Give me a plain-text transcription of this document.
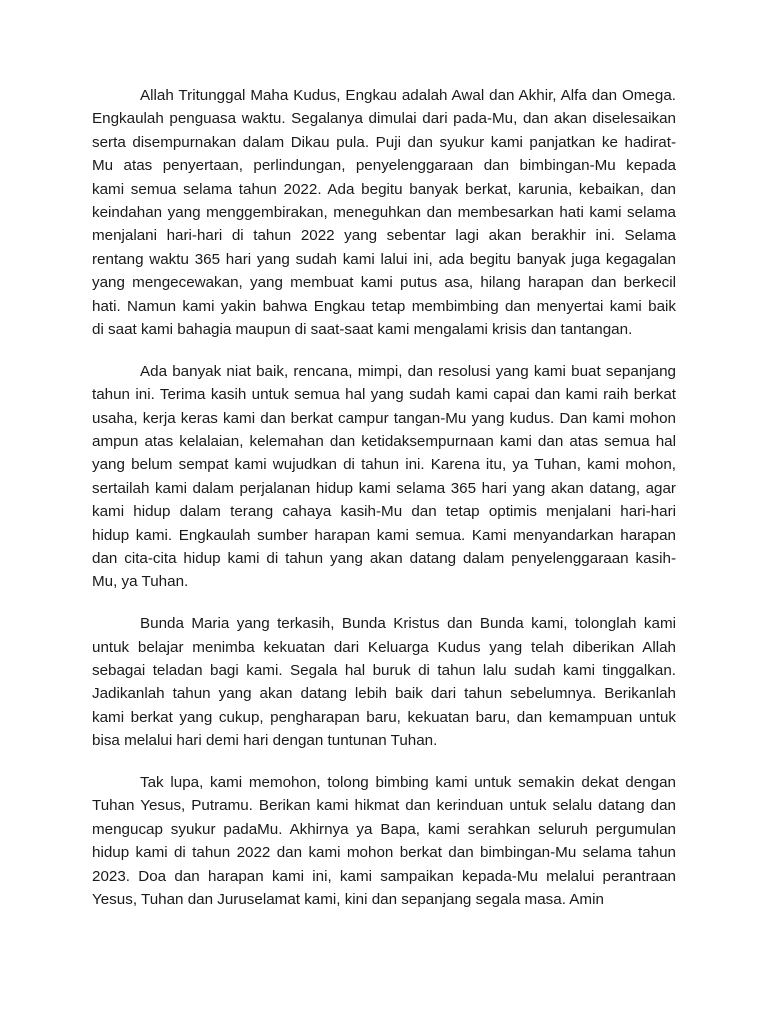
Allah Tritunggal Maha Kudus, Engkau adalah Awal dan Akhir, Alfa dan Omega.
Engkaulah penguasa waktu. Segalanya dimulai dari pada-Mu, dan akan diselesaikan
serta disempurnakan dalam Dikau pula. Puji dan syukur kami panjatkan ke hadirat-
Mu atas penyertaan, perlindungan, penyelenggaraan dan bimbingan-Mu kepada
kami semua selama tahun 2022. Ada begitu banyak berkat, karunia, kebaikan, dan
keindahan yang menggembirakan, meneguhkan dan membesarkan hati kami selama
menjalani hari-hari di tahun 2022 yang sebentar lagi akan berakhir ini. Selama
rentang waktu 365 hari yang sudah kami lalui ini, ada begitu banyak juga kegagalan
yang mengecewakan, yang membuat kami putus asa, hilang harapan dan berkecil
hati. Namun kami yakin bahwa Engkau tetap membimbing dan menyertai kami baik
di saat kami bahagia maupun di saat-saat kami mengalami krisis dan tantangan.

Ada banyak niat baik, rencana, mimpi, dan resolusi yang kami buat sepanjang
tahun ini. Terima kasih untuk semua hal yang sudah kami capai dan kami raih berkat
usaha, kerja keras kami dan berkat campur tangan-Mu yang kudus. Dan kami mohon
ampun atas kelalaian, kelemahan dan ketidaksempurnaan kami dan atas semua hal
yang belum sempat kami wujudkan di tahun ini. Karena itu, ya Tuhan, kami mohon,
sertailah kami dalam perjalanan hidup kami selama 365 hari yang akan datang, agar
kami hidup dalam terang cahaya kasih-Mu dan tetap optimis menjalani hari-hari
hidup kami. Engkaulah sumber harapan kami semua. Kami menyandarkan harapan
dan cita-cita hidup kami di tahun yang akan datang dalam penyelenggaraan kasih-
Mu, ya Tuhan.

Bunda Maria yang terkasih, Bunda Kristus dan Bunda kami, tolonglah kami
untuk belajar menimba kekuatan dari Keluarga Kudus yang telah diberikan Allah
sebagai teladan bagi kami. Segala hal buruk di tahun lalu sudah kami tinggalkan.
Jadikanlah tahun yang akan datang lebih baik dari tahun sebelumnya. Berikanlah
kami berkat yang cukup, pengharapan baru, kekuatan baru, dan kemampuan untuk
bisa melalui hari demi hari dengan tuntunan Tuhan.

Tak lupa, kami memohon, tolong bimbing kami untuk semakin dekat dengan
Tuhan Yesus, Putramu. Berikan kami hikmat dan kerinduan untuk selalu datang dan
mengucap syukur padaMu. Akhirnya ya Bapa, kami serahkan seluruh pergumulan
hidup kami di tahun 2022 dan kami mohon berkat dan bimbingan-Mu selama tahun
2023. Doa dan harapan kami ini, kami sampaikan kepada-Mu melalui perantraan
Yesus, Tuhan dan Juruselamat kami, kini dan sepanjang segala masa. Amin
